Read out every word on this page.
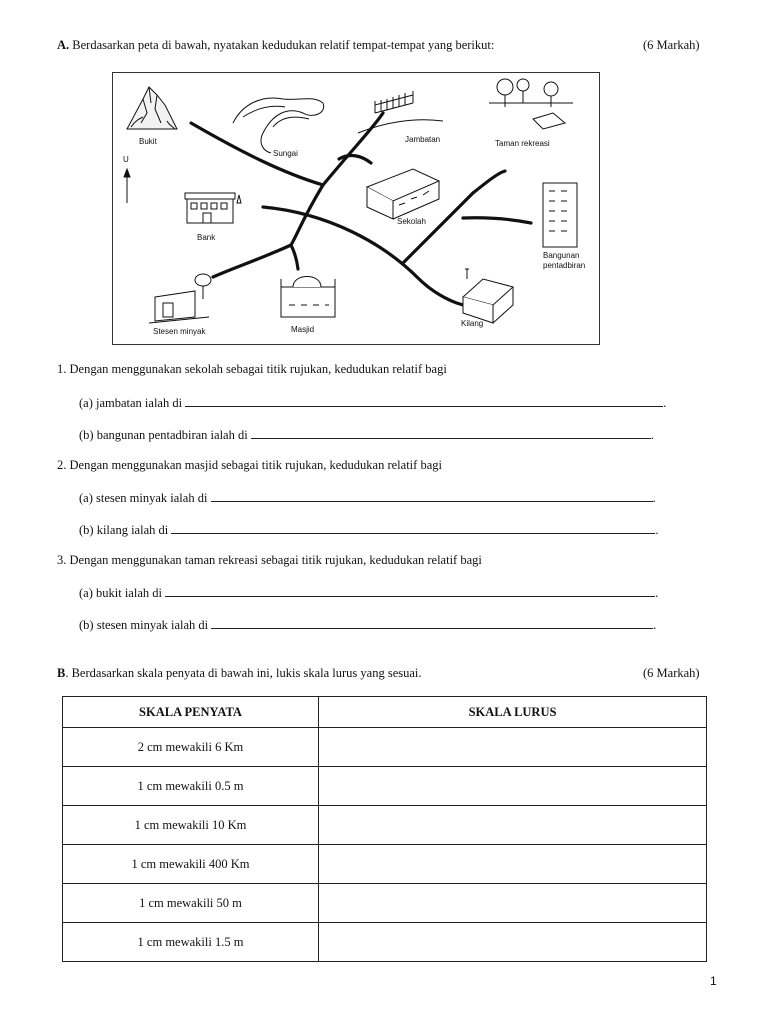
A. Berdasarkan peta di bawah, nyatakan kedudukan relatif tempat-tempat yang berikut:	(6 Markah)
Bukit
Sungai
Jambatan	Taman rekreasi
U
Bank
Sekolah
Bangunan
pentadbiran
Stesen minyak	Masjid
Kilang
1. Dengan menggunakan sekolah sebagai titik rujukan, kedudukan relatif bagi
(a) jambatan ialah di	.
(b) bangunan pentadbiran ialah di	.
2. Dengan menggunakan masjid sebagai titik rujukan, kedudukan relatif bagi
(a) stesen minyak ialah di	.
(b) kilang ialah di	.
3. Dengan menggunakan taman rekreasi sebagai titik rujukan, kedudukan relatif bagi
(a) bukit ialah di	.
(b) stesen minyak ialah di	.
B. Berdasarkan skala penyata di bawah ini, lukis skala lurus yang sesuai.	(6 Markah)
SKALA PENYATA	SKALA LURUS
2 cm mewakili 6 Km	
1 cm mewakili 0.5 m	
1 cm mewakili 10 Km	
1 cm mewakili 400 Km	
1 cm mewakili 50 m	
1 cm mewakili 1.5 m	
1
